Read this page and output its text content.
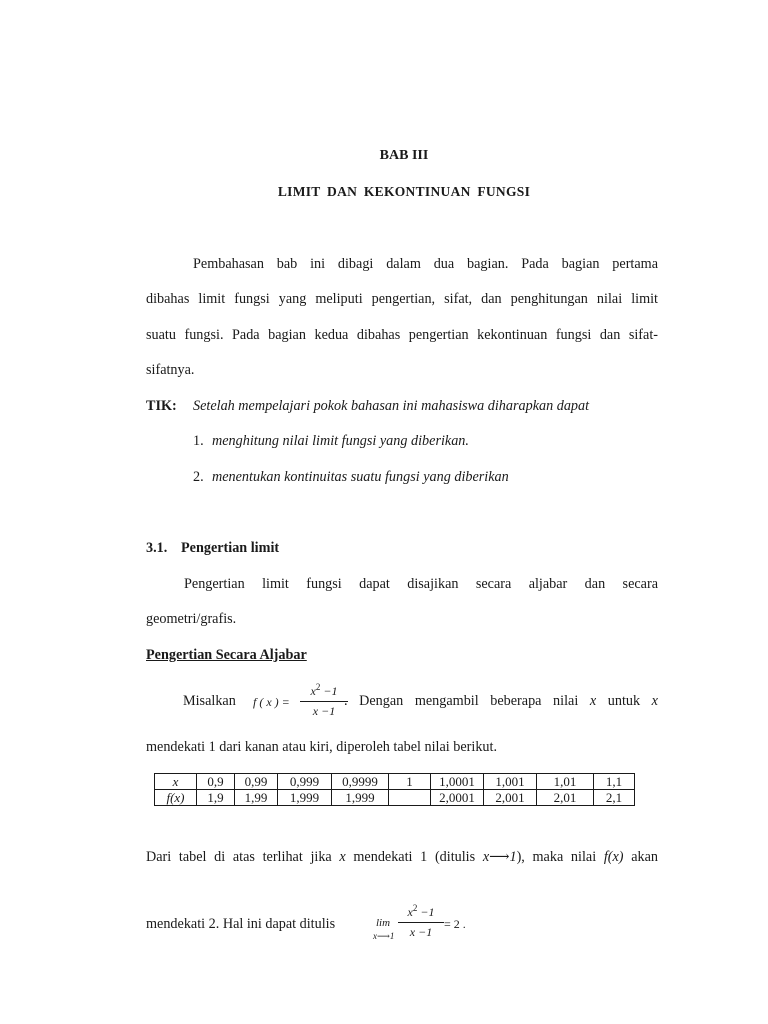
BAB III
LIMIT DAN KEKONTINUAN FUNGSI
Pembahasan bab ini dibagi dalam dua bagian. Pada bagian pertama
dibahas limit fungsi yang meliputi pengertian, sifat, dan penghitungan nilai limit
suatu fungsi. Pada bagian kedua dibahas pengertian kekontinuan fungsi dan sifat-
sifatnya.
TIK: Setelah mempelajari pokok bahasan ini mahasiswa diharapkan dapat
1. menghitung nilai limit fungsi yang diberikan.
2. menentukan kontinuitas suatu fungsi yang diberikan
3.1. Pengertian limit
Pengertian limit fungsi dapat disajikan secara aljabar dan secara
geometri/grafis.
Pengertian Secara Aljabar
Misalkan f ( x ) =
$x^2 -1$
x −1
. Dengan mengambil beberapa nilai x untuk x
mendekati 1 dari kanan atau kiri, diperoleh tabel nilai berikut.
x	0,9	0,99	0,999	0,9999	1	1,0001	1,001	1,01	1,1
f(x)	1,9	1,99	1,999	1,999		2,0001	2,001	2,01	2,1
Dari tabel di atas terlihat jika x mendekati 1 (ditulis x⟶1), maka nilai f(x) akan
mendekati 2. Hal ini dapat ditulis	lim
x⟶1
$x^2 -1$
x −1
= 2 .
